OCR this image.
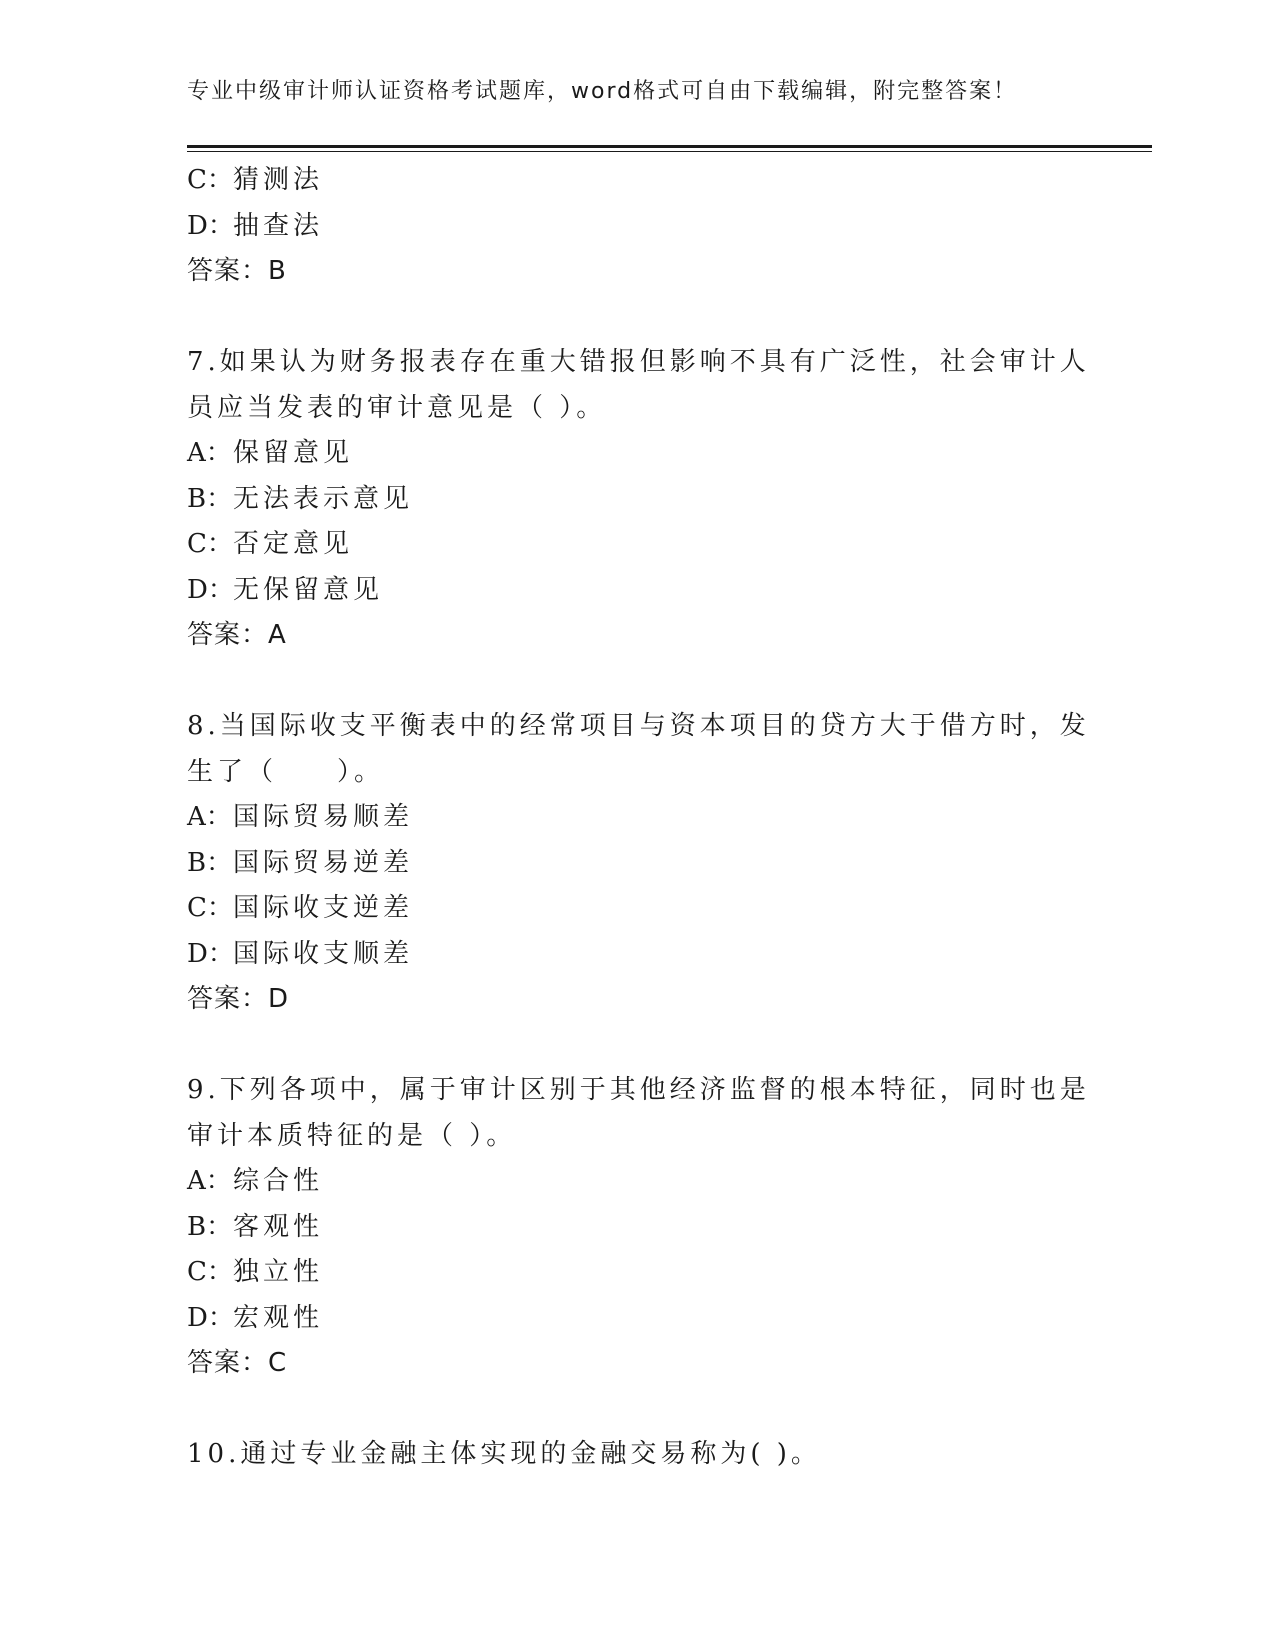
专业中级审计师认证资格考试题库，word格式可自由下载编辑，附完整答案！
C：猜测法
D：抽查法
答案：B
7.如果认为财务报表存在重大错报但影响不具有广泛性，社会审计人
员应当发表的审计意见是（ ）。
A：保留意见
B：无法表示意见
C：否定意见
D：无保留意见
答案：A
8.当国际收支平衡表中的经常项目与资本项目的贷方大于借方时，发
生了（　　）。
A：国际贸易顺差
B：国际贸易逆差
C：国际收支逆差
D：国际收支顺差
答案：D
9.下列各项中，属于审计区别于其他经济监督的根本特征，同时也是
审计本质特征的是（ ）。
A：综合性
B：客观性
C：独立性
D：宏观性
答案：C
10.通过专业金融主体实现的金融交易称为( )。
